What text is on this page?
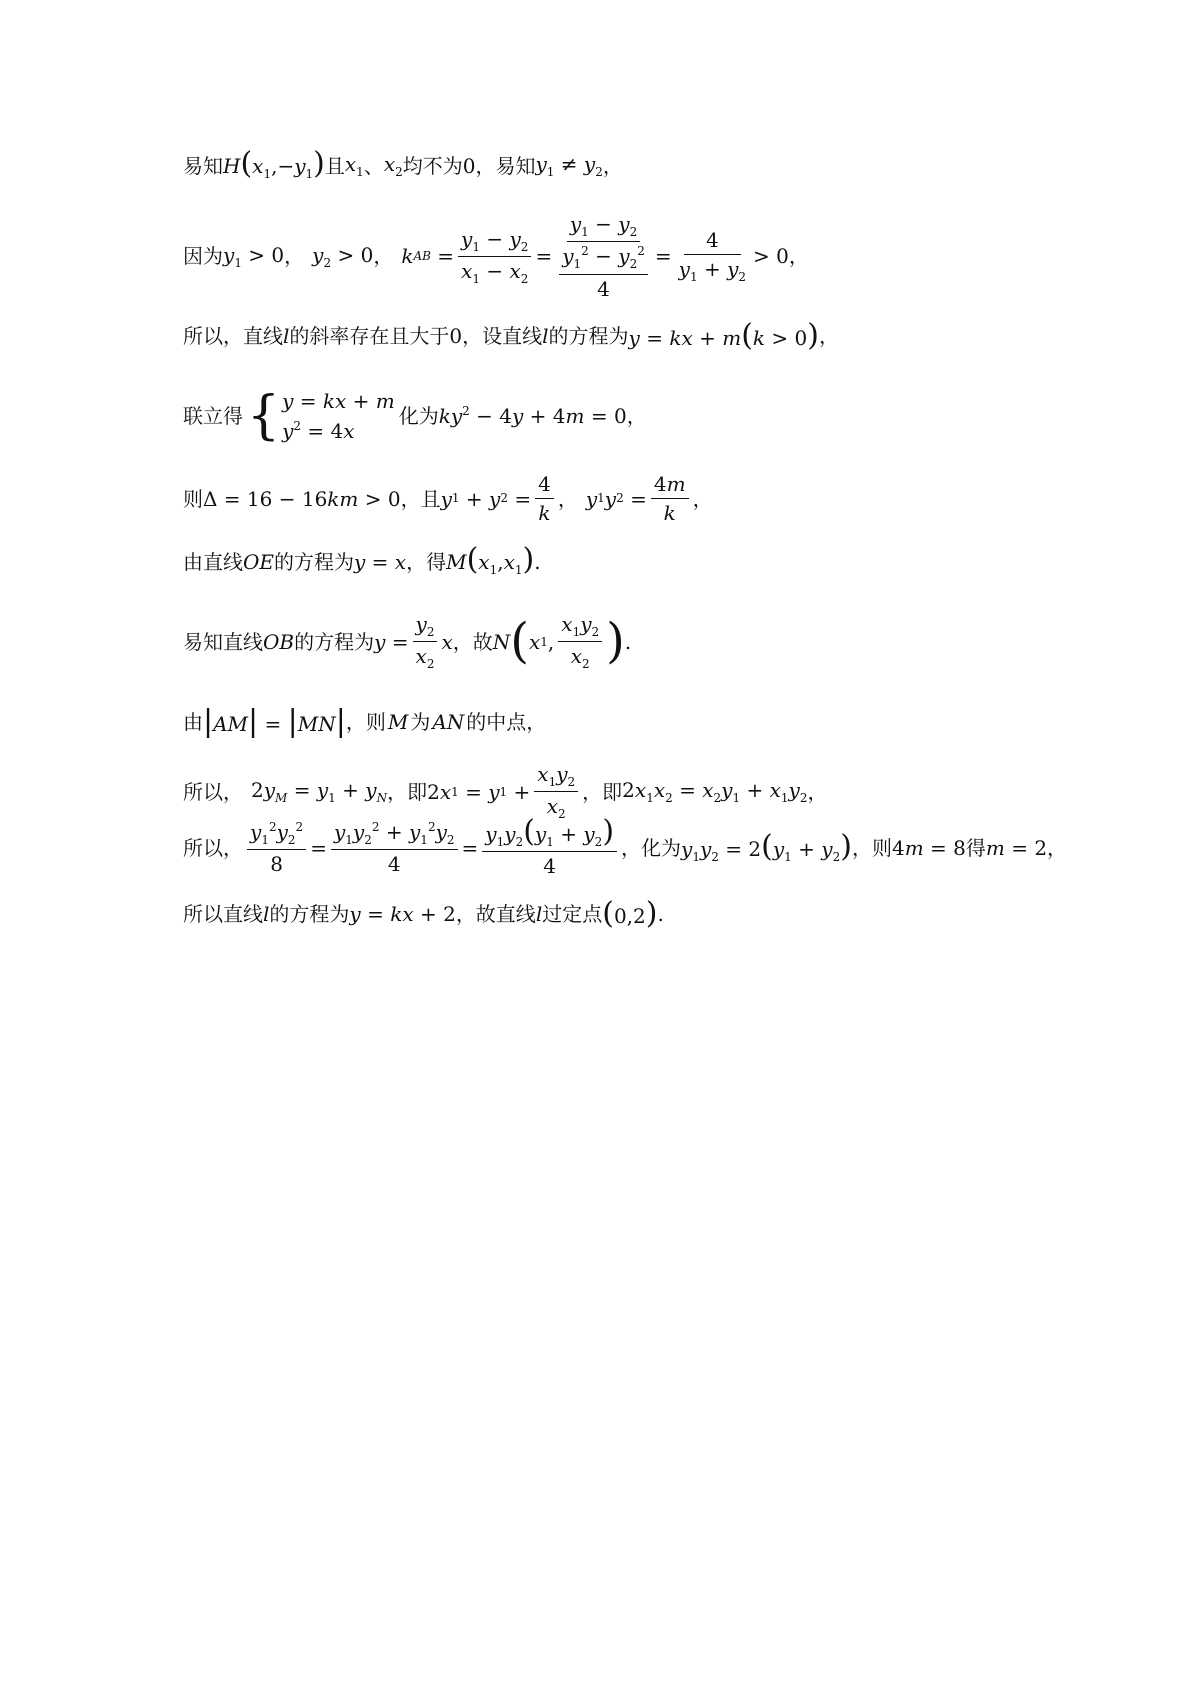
易知 $H(x_1,-y_1)$ 且 $x_1$ 、 $x_2$ 均不为 0 ，易知 $y_1 \ne y_2$ ，
因为 $y_1 > 0$ ， $y_2 > 0$ ， k AB = $\frac{y_1 - y_2}{x_1 - x_2} = \frac{y_1 - y_2}{\frac{y_1^2 - y_2^2}{4}} = \frac{4}{y_1 + y_2} > 0$ ，
所以，直线 l 的斜率存在且大于 0 ，设直线 l 的方程为 y = kx + m(k > 0) ，
联立得 { y = kx + m
$y^2 = 4x$
化为 $ky^2 - 4y + 4m = 0$ ，
则 Δ = 16 − 16km > 0 ，且 y 1 + y $2 = \frac{4}{k}$ ， y 1 y $2 = \frac{4m}{k}$ ，
由直线 OE 的方程为 y = x ，得 $M(x_1,x_1)$ .
易知直线 OB 的方程为 $y = \frac{y_2}{x_2}$ x ，故 N ( x 1 , $\frac{x_1y_2}{x_2}$ ) .
由 |AM| = |MN| ，则 M 为 AN 的中点，
所以， $2y_M = y_1 + y_N$ ，即 2 x 1 = y $1 + \frac{x_1y_2}{x_2}$ ，即 $2x_1x_2 = x_2y_1 + x_1y_2$ ，
所以， $\frac{y_1^2y_2^2}{8} = \frac{y_1y_2^2 + y_1^2y_2}{4} = \frac{y_1y_2(y_1 + y_2)}{4}$ ，化为 $y_1y_2 = 2(y_1 + y_2)$ ，则 4m = 8 得 m = 2 ，
所以直线 l 的方程为 y = kx + 2 ，故直线 l 过定点 (0,2) .
